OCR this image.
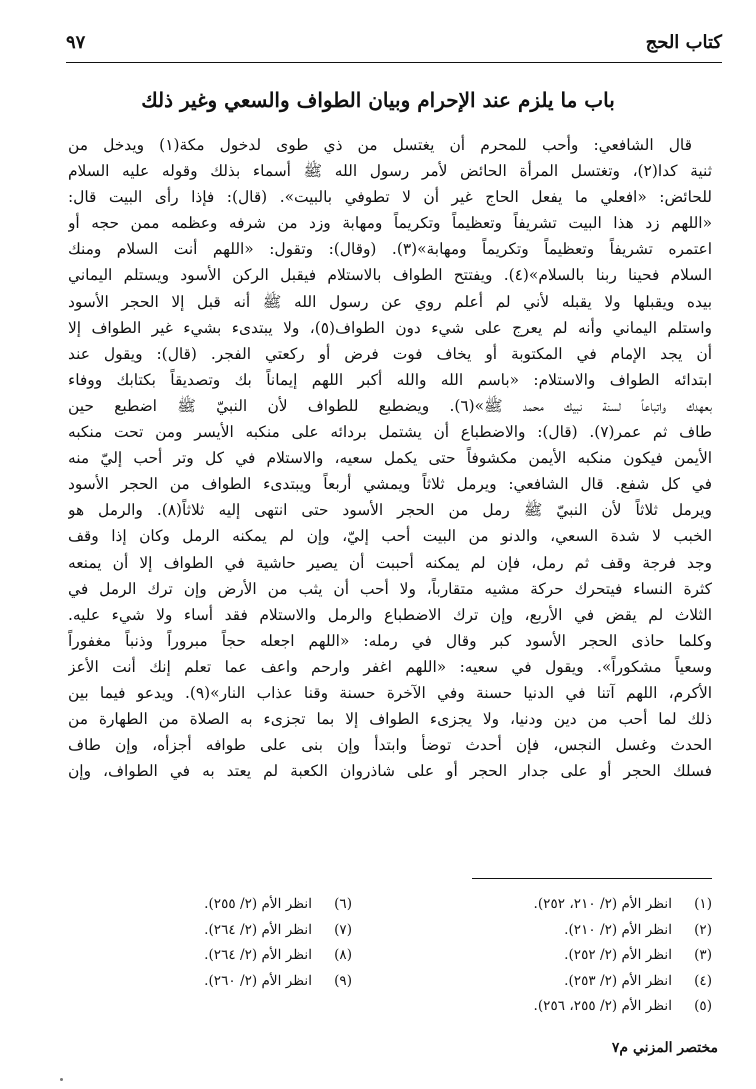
كتاب الحج
٩٧
باب ما يلزم عند الإحرام وبيان الطواف والسعي وغير ذلك
قال الشافعي: وأحب للمحرم أن يغتسل من ذي طوى لدخول مكة(١) ويدخل من
ثنية كدا(٢)، وتغتسل المرأة الحائض لأمر رسول الله ﷺ أسماء بذلك وقوله عليه السلام
للحائض: «افعلي ما يفعل الحاج غير أن لا تطوفي بالبيت». (قال): فإذا رأى البيت قال:
«اللهم زد هذا البيت تشريفاً وتعظيماً وتكريماً ومهابة وزد من شرفه وعظمه ممن حجه أو
اعتمره تشريفاً وتعظيماً وتكريماً ومهابة»(٣). (وقال): وتقول: «اللهم أنت السلام ومنك
السلام فحينا ربنا بالسلام»(٤). ويفتتح الطواف بالاستلام فيقبل الركن الأسود ويستلم اليماني
بيده ويقبلها ولا يقبله لأني لم أعلم روي عن رسول الله ﷺ أنه قبل إلا الحجر الأسود
واستلم اليماني وأنه لم يعرج على شيء دون الطواف(٥)، ولا يبتدىء بشيء غير الطواف إلا
أن يجد الإمام في المكتوبة أو يخاف فوت فرض أو ركعتي الفجر. (قال): ويقول عند
ابتدائه الطواف والاستلام: «باسم الله والله أكبر اللهم إيماناً بك وتصديقاً بكتابك ووفاء
بعهدك واتباعاً لسنة نبيك محمد ﷺ»(٦). ويضطبع للطواف لأن النبيّ ﷺ اضطبع حين
طاف ثم عمر(٧). (قال): والاضطباع أن يشتمل بردائه على منكبه الأيسر ومن تحت منكبه
الأيمن فيكون منكبه الأيمن مكشوفاً حتى يكمل سعيه، والاستلام في كل وتر أحب إليّ منه
في كل شفع. قال الشافعي: ويرمل ثلاثاً ويمشي أربعاً ويبتدىء الطواف من الحجر الأسود
ويرمل ثلاثاً لأن النبيّ ﷺ رمل من الحجر الأسود حتى انتهى إليه ثلاثاً(٨). والرمل هو
الخبب لا شدة السعي، والدنو من البيت أحب إليّ، وإن لم يمكنه الرمل وكان إذا وقف
وجد فرجة وقف ثم رمل، فإن لم يمكنه أحببت أن يصير حاشية في الطواف إلا أن يمنعه
كثرة النساء فيتحرك حركة مشيه متقارباً، ولا أحب أن يثب من الأرض وإن ترك الرمل في
الثلاث لم يقض في الأربع، وإن ترك الاضطباع والرمل والاستلام فقد أساء ولا شيء عليه.
وكلما حاذى الحجر الأسود كبر وقال في رمله: «اللهم اجعله حجاً مبروراً وذنباً مغفوراً
وسعياً مشكوراً». ويقول في سعيه: «اللهم اغفر وارحم واعف عما تعلم إنك أنت الأعز
الأكرم، اللهم آتنا في الدنيا حسنة وفي الآخرة حسنة وقنا عذاب النار»(٩). ويدعو فيما بين
ذلك لما أحب من دين ودنيا، ولا يجزىء الطواف إلا بما تجزىء به الصلاة من الطهارة من
الحدث وغسل النجس، فإن أحدث توضأ وابتدأ وإن بنى على طوافه أجزأه، وإن طاف
فسلك الحجر أو على جدار الحجر أو على شاذروان الكعبة لم يعتد به في الطواف، وإن
(١)انظر الأم (٢/ ٢١٠، ٢٥٢).
(٢)انظر الأم (٢/ ٢١٠).
(٣)انظر الأم (٢/ ٢٥٢).
(٤)انظر الأم (٢/ ٢٥٣).
(٥)انظر الأم (٢/ ٢٥٥، ٢٥٦).
(٦)انظر الأم (٢/ ٢٥٥).
(٧)انظر الأم (٢/ ٢٦٤).
(٨)انظر الأم (٢/ ٢٦٤).
(٩)انظر الأم (٢/ ٢٦٠).
مختصر المزني م٧
